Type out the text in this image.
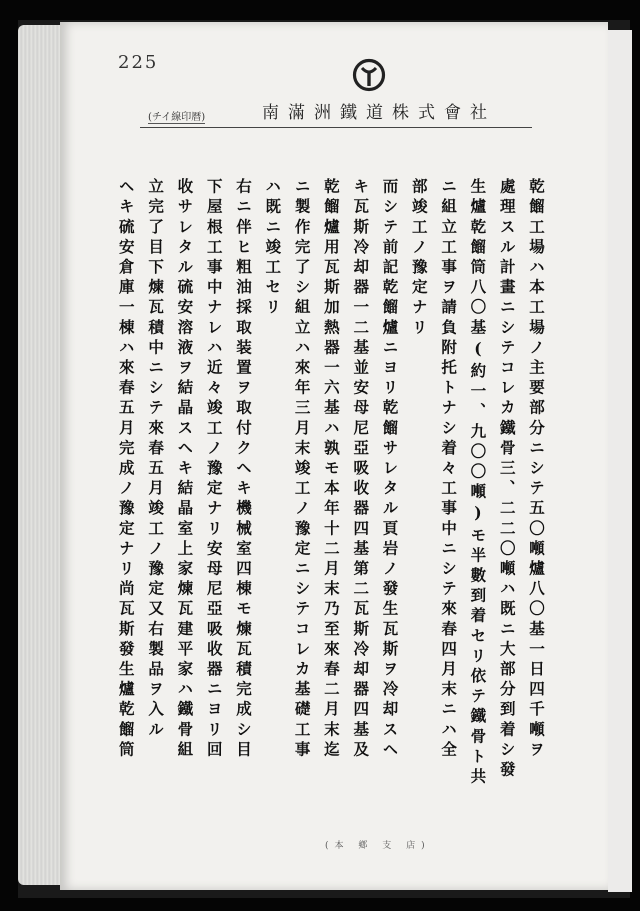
225
(チイ線印暦)	南滿洲鐵道株式會社
乾餾工場ハ本工場ノ主要部分ニシテ五〇噸爐八〇基一日四千噸ヲ
處理スル計畫ニシテコレカ鐵骨三、二二〇噸ハ既ニ大部分到着シ發
生爐乾餾筒八〇基(約一、九〇〇噸)モ半數到着セリ依テ鐵骨ト共
ニ組立工事ヲ請負附托トナシ着々工事中ニシテ來春四月末ニハ全
部竣工ノ豫定ナリ
而シテ前記乾餾爐ニヨリ乾餾サレタル頁岩ノ發生瓦斯ヲ冷却スヘ
キ瓦斯冷却器一二基並安母尼亞吸收器四基第二瓦斯冷却器四基及
乾餾爐用瓦斯加熱器一六基ハ孰モ本年十二月末乃至來春二月末迄
ニ製作完了シ組立ハ來年三月末竣工ノ豫定ニシテコレカ基礎工事
ハ既ニ竣工セリ
右ニ伴ヒ粗油採取装置ヲ取付クヘキ機械室四棟モ煉瓦積完成シ目
下屋根工事中ナレハ近々竣工ノ豫定ナリ安母尼亞吸收器ニヨリ回
收サレタル硫安溶液ヲ結晶スヘキ結晶室上家煉瓦建平家ハ鐵骨組
立完了目下煉瓦積中ニシテ來春五月竣工ノ豫定又右製品ヲ入ル
ヘキ硫安倉庫一棟ハ來春五月完成ノ豫定ナリ尚瓦斯發生爐乾餾筒
(本 鄕 支 店)
